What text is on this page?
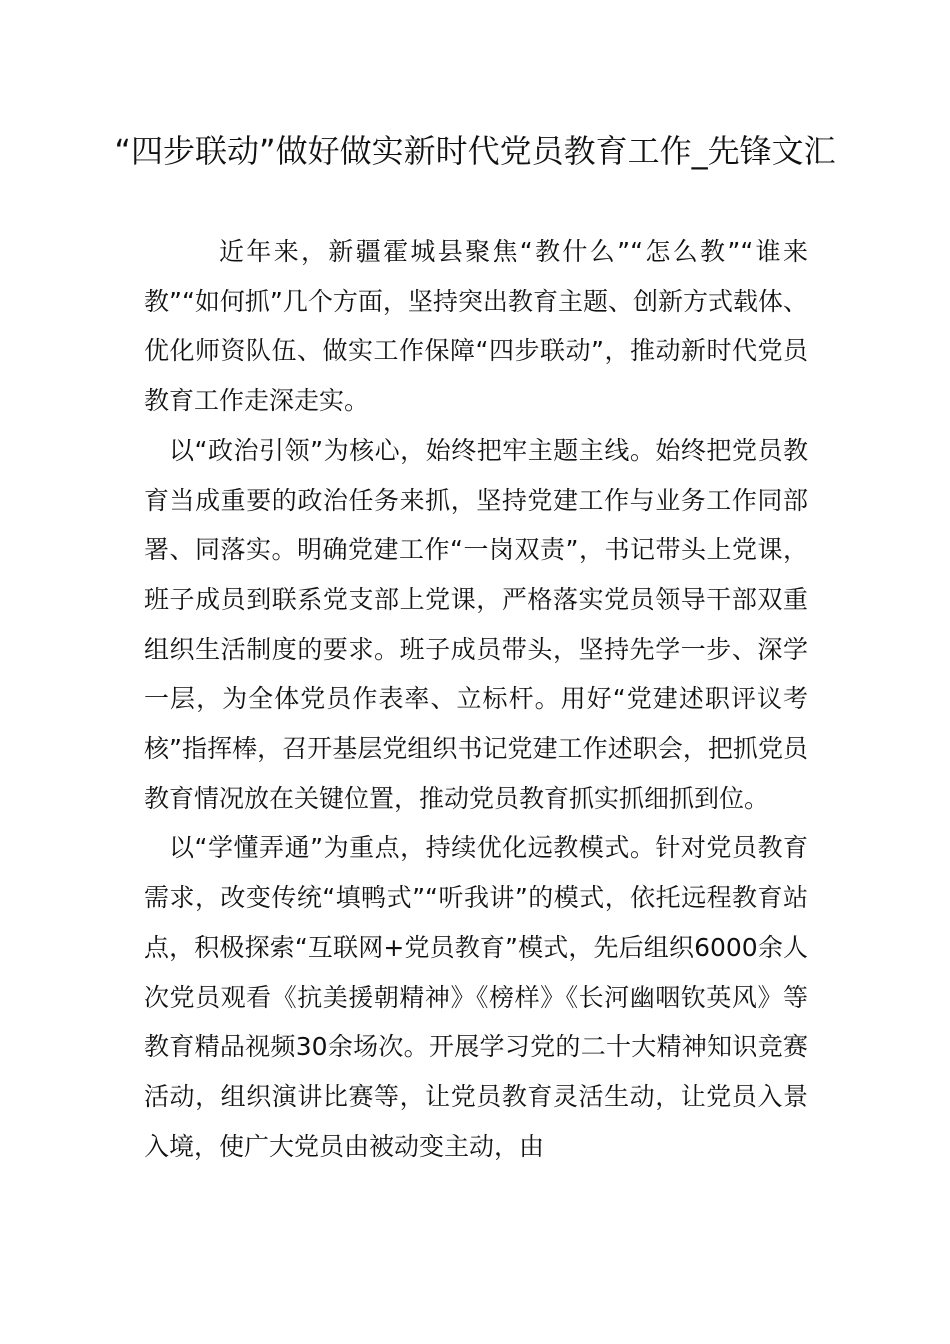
“四步联动”做好做实新时代党员教育工作_先锋文汇

近年来，新疆霍城县聚焦“教什么”“怎么教”“谁来教”“如何抓”几个方面，坚持突出教育主题、创新方式载体、优化师资队伍、做实工作保障“四步联动”，推动新时代党员教育工作走深走实。

以“政治引领”为核心，始终把牢主题主线。始终把党员教育当成重要的政治任务来抓，坚持党建工作与业务工作同部署、同落实。明确党建工作“一岗双责”，书记带头上党课，班子成员到联系党支部上党课，严格落实党员领导干部双重组织生活制度的要求。班子成员带头，坚持先学一步、深学一层，为全体党员作表率、立标杆。用好“党建述职评议考核”指挥棒，召开基层党组织书记党建工作述职会，把抓党员教育情况放在关键位置，推动党员教育抓实抓细抓到位。

以“学懂弄通”为重点，持续优化远教模式。针对党员教育需求，改变传统“填鸭式”“听我讲”的模式，依托远程教育站点，积极探索“互联网+党员教育”模式，先后组织6000余人次党员观看《抗美援朝精神》《榜样》《长河幽咽钦英风》等教育精品视频30余场次。开展学习党的二十大精神知识竞赛活动，组织演讲比赛等，让党员教育灵活生动，让党员入景入境，使广大党员由被动变主动，由
